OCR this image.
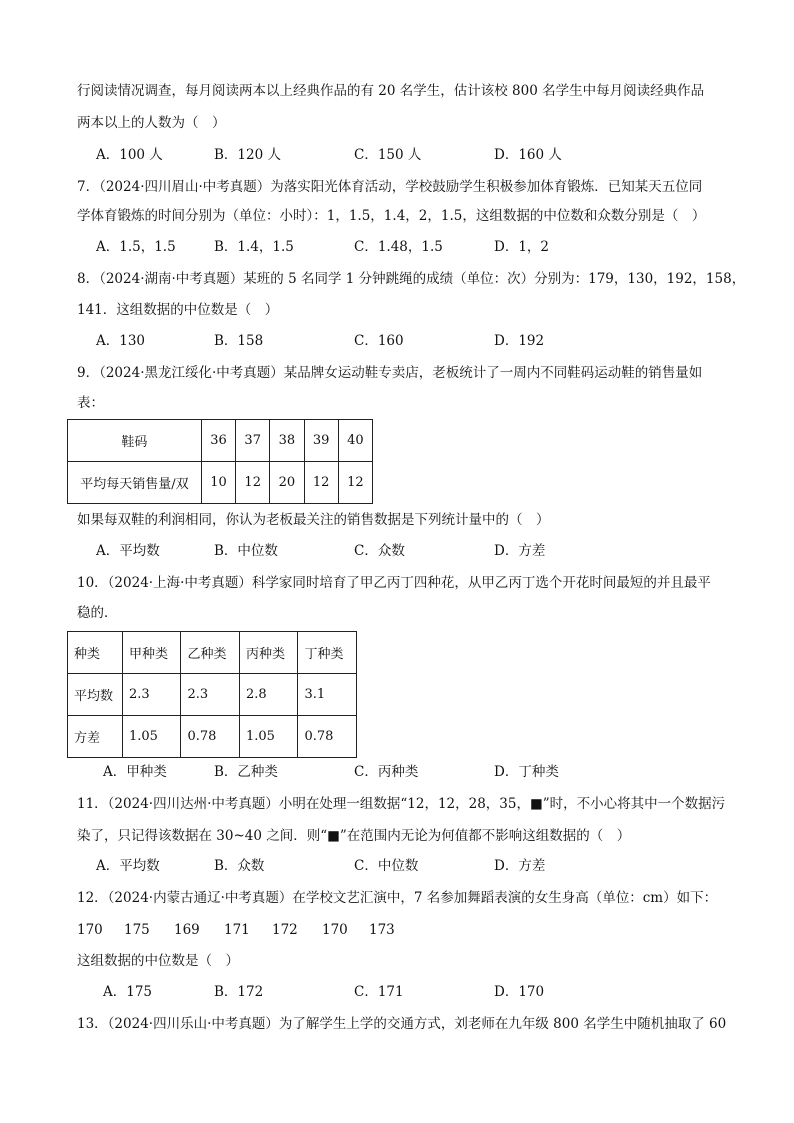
行阅读情况调查，每月阅读两本以上经典作品的有 20 名学生，估计该校 800 名学生中每月阅读经典作品
两本以上的人数为（　）
A．100 人	B．120 人	C．150 人	D．160 人
7．（2024·四川眉山·中考真题）为落实阳光体育活动，学校鼓励学生积极参加体育锻炼．已知某天五位同
学体育锻炼的时间分别为（单位：小时）：1，1.5，1.4，2，1.5，这组数据的中位数和众数分别是（　）
A．1.5，1.5	B．1.4，1.5	C．1.48，1.5	D．1，2
8．（2024·湖南·中考真题）某班的 5 名同学 1 分钟跳绳的成绩（单位：次）分别为：179，130，192，158，
141．这组数据的中位数是（　）
A．130	B．158	C．160	D．192
9．（2024·黑龙江绥化·中考真题）某品牌女运动鞋专卖店，老板统计了一周内不同鞋码运动鞋的销售量如
表：
鞋码	36	37	38	39	40
平均每天销售量/双	10	12	20	12	12
如果每双鞋的利润相同，你认为老板最关注的销售数据是下列统计量中的（　）
A．平均数	B．中位数	C．众数	D．方差
10．（2024·上海·中考真题）科学家同时培育了甲乙丙丁四种花，从甲乙丙丁选个开花时间最短的并且最平
稳的．
种类	甲种类	乙种类	丙种类	丁种类
平均数	2.3	2.3	2.8	3.1
方差	1.05	0.78	1.05	0.78
A．甲种类	B．乙种类	C．丙种类	D．丁种类
11．（2024·四川达州·中考真题）小明在处理一组数据“12，12，28，35，■”时，不小心将其中一个数据污
染了，只记得该数据在 30~40 之间．则“■”在范围内无论为何值都不影响这组数据的（　）
A．平均数	B．众数	C．中位数	D．方差
12．（2024·内蒙古通辽·中考真题）在学校文艺汇演中，7 名参加舞蹈表演的女生身高（单位：cm）如下：
170 175 169 171 172 170 173
这组数据的中位数是（　）
A．175	B．172	C．171	D．170
13．（2024·四川乐山·中考真题）为了解学生上学的交通方式，刘老师在九年级 800 名学生中随机抽取了 60
